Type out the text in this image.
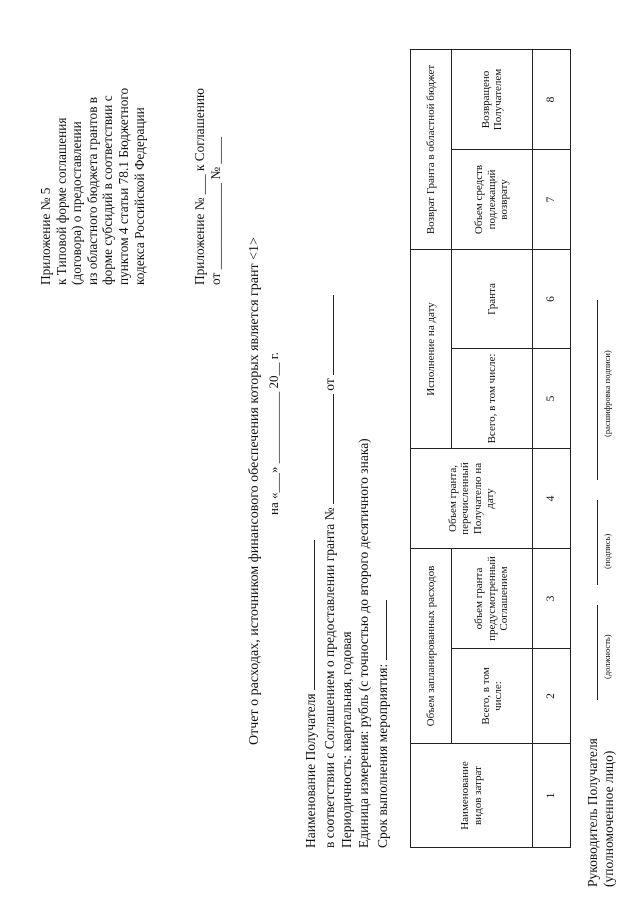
Приложение № 5 к Типовой форме соглашения (договора) о предоставлении из областного бюджета грантов в форме субсидий в соответствии с пунктом 4 статьи 78.1 Бюджетного кодекса Российской Федерации	Приложение № ___ к Соглашению от _____________ № ____
Отчет о расходах, источником финансового обеспечения которых является грант <1> на «___» ___________ 20__ г.
Наименование Получателя в соответствии с Соглашением о предоставлении гранта №  от
Периодичность: квартальная, годовая Единица измерения: рубль (с точностью до второго десятичного знака) Срок выполнения мероприятия:	Наименование видов затрат	Объем запланированных расходов		Объем гранта, перечисленный Получателю на дату	Исполнение на дату		Возврат Гранта в областной бюджет	
	Всего, в том числе:	объем гранта предусмотренный Соглашением		Всего, в том числе:	Гранта	Объем средств подлежащий возврату	Возвращено Получателем
1	2	3	4	5	6	7	8
Руководитель Получателя (уполномоченное лицо)
(должность)
(подпись)
(расшифровка подписи)
